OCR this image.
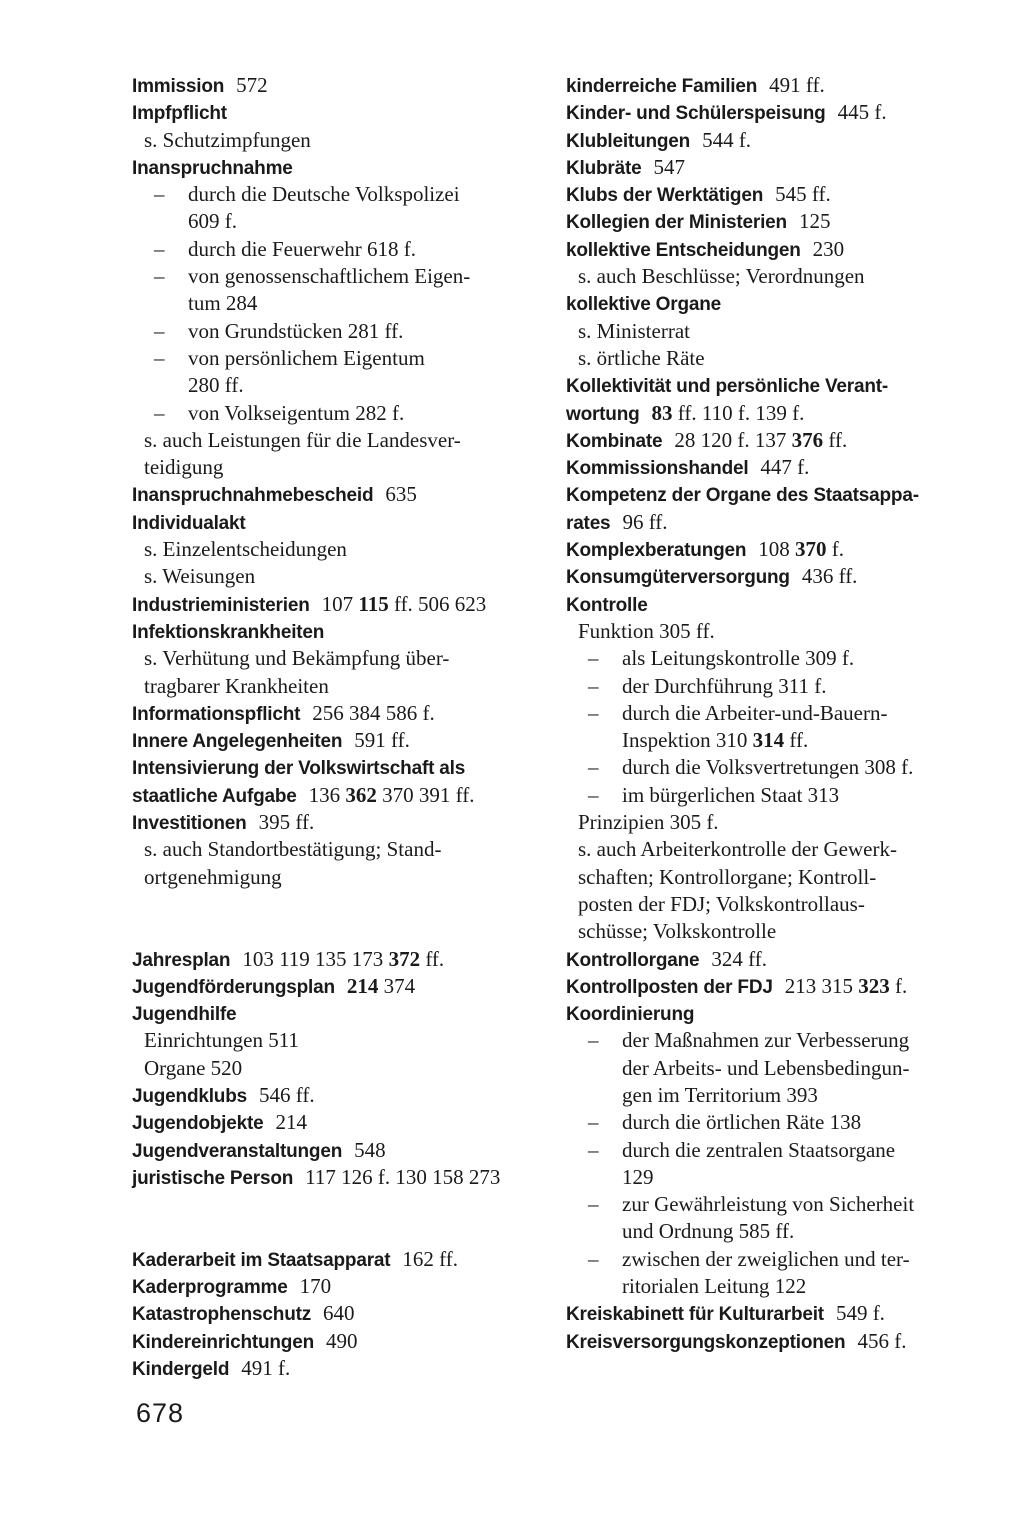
Immission 572
Impfpflicht
s. Schutzimpfungen
Inanspruchnahme
– durch die Deutsche Volkspolizei
609 f.
– durch die Feuerwehr 618 f.
– von genossenschaftlichem Eigen-
tum 284
– von Grundstücken 281 ff.
– von persönlichem Eigentum
280 ff.
– von Volkseigentum 282 f.
s. auch Leistungen für die Landesver-
teidigung
Inanspruchnahmebescheid 635
Individualakt
s. Einzelentscheidungen
s. Weisungen
Industrieministerien 107 115 ff. 506 623
Infektionskrankheiten
s. Verhütung und Bekämpfung über-
tragbarer Krankheiten
Informationspflicht 256 384 586 f.
Innere Angelegenheiten 591 ff.
Intensivierung der Volkswirtschaft als
staatliche Aufgabe 136 362 370 391 ff.
Investitionen 395 ff.
s. auch Standortbestätigung; Stand-
ortgenehmigung
Jahresplan 103 119 135 173 372 ff.
Jugendförderungsplan 214 374
Jugendhilfe
Einrichtungen 511
Organe 520
Jugendklubs 546 ff.
Jugendobjekte 214
Jugendveranstaltungen 548
juristische Person 117 126 f. 130 158 273
Kaderarbeit im Staatsapparat 162 ff.
Kaderprogramme 170
Katastrophenschutz 640
Kindereinrichtungen 490
Kindergeld 491 f.
kinderreiche Familien 491 ff.
Kinder- und Schülerspeisung 445 f.
Klubleitungen 544 f.
Klubräte 547
Klubs der Werktätigen 545 ff.
Kollegien der Ministerien 125
kollektive Entscheidungen 230
s. auch Beschlüsse; Verordnungen
kollektive Organe
s. Ministerrat
s. örtliche Räte
Kollektivität und persönliche Verant-
wortung 83 ff. 110 f. 139 f.
Kombinate 28 120 f. 137 376 ff.
Kommissionshandel 447 f.
Kompetenz der Organe des Staatsappa-
rates 96 ff.
Komplexberatungen 108 370 f.
Konsumgüterversorgung 436 ff.
Kontrolle
Funktion 305 ff.
– als Leitungskontrolle 309 f.
– der Durchführung 311 f.
– durch die Arbeiter-und-Bauern-
Inspektion 310 314 ff.
– durch die Volksvertretungen 308 f.
– im bürgerlichen Staat 313
Prinzipien 305 f.
s. auch Arbeiterkontrolle der Gewerk-
schaften; Kontrollorgane; Kontroll-
posten der FDJ; Volkskontrollaus-
schüsse; Volkskontrolle
Kontrollorgane 324 ff.
Kontrollposten der FDJ 213 315 323 f.
Koordinierung
– der Maßnahmen zur Verbesserung
der Arbeits- und Lebensbedingun-
gen im Territorium 393
– durch die örtlichen Räte 138
– durch die zentralen Staatsorgane
129
– zur Gewährleistung von Sicherheit
und Ordnung 585 ff.
– zwischen der zweiglichen und ter-
ritorialen Leitung 122
Kreiskabinett für Kulturarbeit 549 f.
Kreisversorgungskonzeptionen 456 f.
678
